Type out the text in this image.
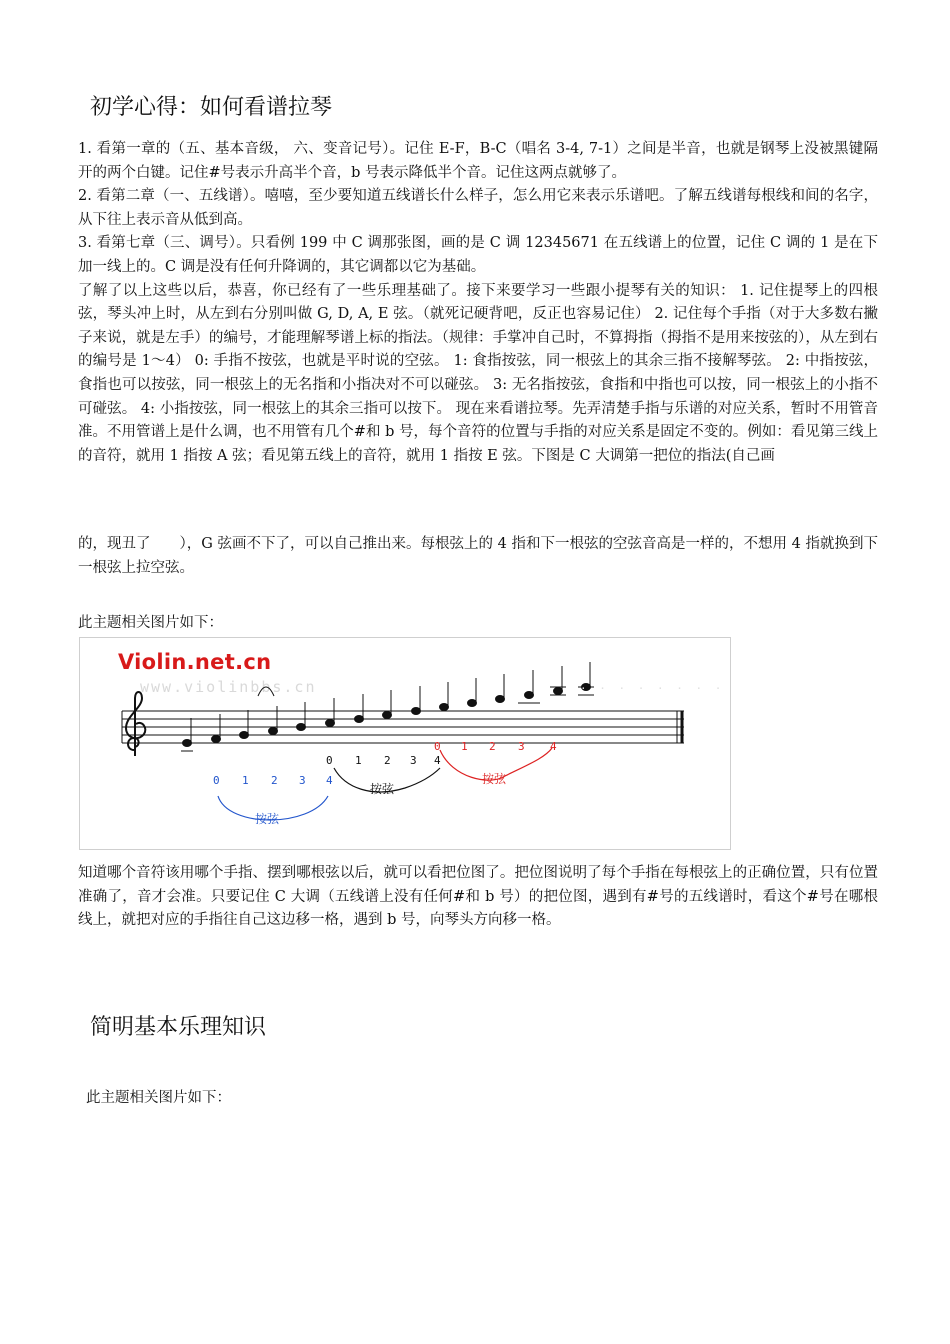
初学心得：如何看谱拉琴

1. 看第一章的（五、基本音级， 六、变音记号）。记住 E-F，B-C（唱名 3-4, 7-1）之间是半音，也就是钢琴上没被黑键隔开的两个白键。记住#号表示升高半个音，b 号表示降低半个音。记住这两点就够了。

2. 看第二章（一、五线谱）。嘻嘻，至少要知道五线谱长什么样子，怎么用它来表示乐谱吧。了解五线谱每根线和间的名字，从下往上表示音从低到高。

3. 看第七章（三、调号）。只看例 199 中 C 调那张图，画的是 C 调 12345671 在五线谱上的位置，记住 C 调的 1 是在下加一线上的。C 调是没有任何升降调的，其它调都以它为基础。

了解了以上这些以后，恭喜，你已经有了一些乐理基础了。接下来要学习一些跟小提琴有关的知识： 1. 记住提琴上的四根弦，琴头冲上时，从左到右分别叫做 G, D, A, E 弦。（就死记硬背吧，反正也容易记住） 2. 记住每个手指（对于大多数右撇子来说，就是左手）的编号，才能理解琴谱上标的指法。（规律：手掌冲自己时，不算拇指（拇指不是用来按弦的），从左到右的编号是 1～4） 0: 手指不按弦，也就是平时说的空弦。 1: 食指按弦，同一根弦上的其余三指不接解琴弦。 2: 中指按弦，食指也可以按弦，同一根弦上的无名指和小指决对不可以碰弦。 3: 无名指按弦，食指和中指也可以按，同一根弦上的小指不可碰弦。 4: 小指按弦，同一根弦上的其余三指可以按下。 现在来看谱拉琴。先弄清楚手指与乐谱的对应关系，暂时不用管音准。不用管谱上是什么调，也不用管有几个#和 b 号，每个音符的位置与手指的对应关系是固定不变的。例如：看见第三线上的音符，就用 1 指按 A 弦；看见第五线上的音符，就用 1 指按 E 弦。下图是 C 大调第一把位的指法(自己画

的，现丑了　　），G 弦画不下了，可以自己推出来。每根弦上的 4 指和下一根弦的空弦音高是一样的，不想用 4 指就换到下一根弦上拉空弦。
此主题相关图片如下：
Violin.net.cn
www.violinbbs.cn	· · · · · · · ·
0 1 2 3 4
0 1 2 3 4
0 1 2 3 4
按弦
按弦
按弦
知道哪个音符该用哪个手指、摆到哪根弦以后，就可以看把位图了。把位图说明了每个手指在每根弦上的正确位置，只有位置准确了，音才会准。只要记住 C 大调（五线谱上没有任何#和 b 号）的把位图，遇到有#号的五线谱时，看这个#号在哪根线上，就把对应的手指往自己这边移一格，遇到 b 号，向琴头方向移一格。
简明基本乐理知识
此主题相关图片如下：
